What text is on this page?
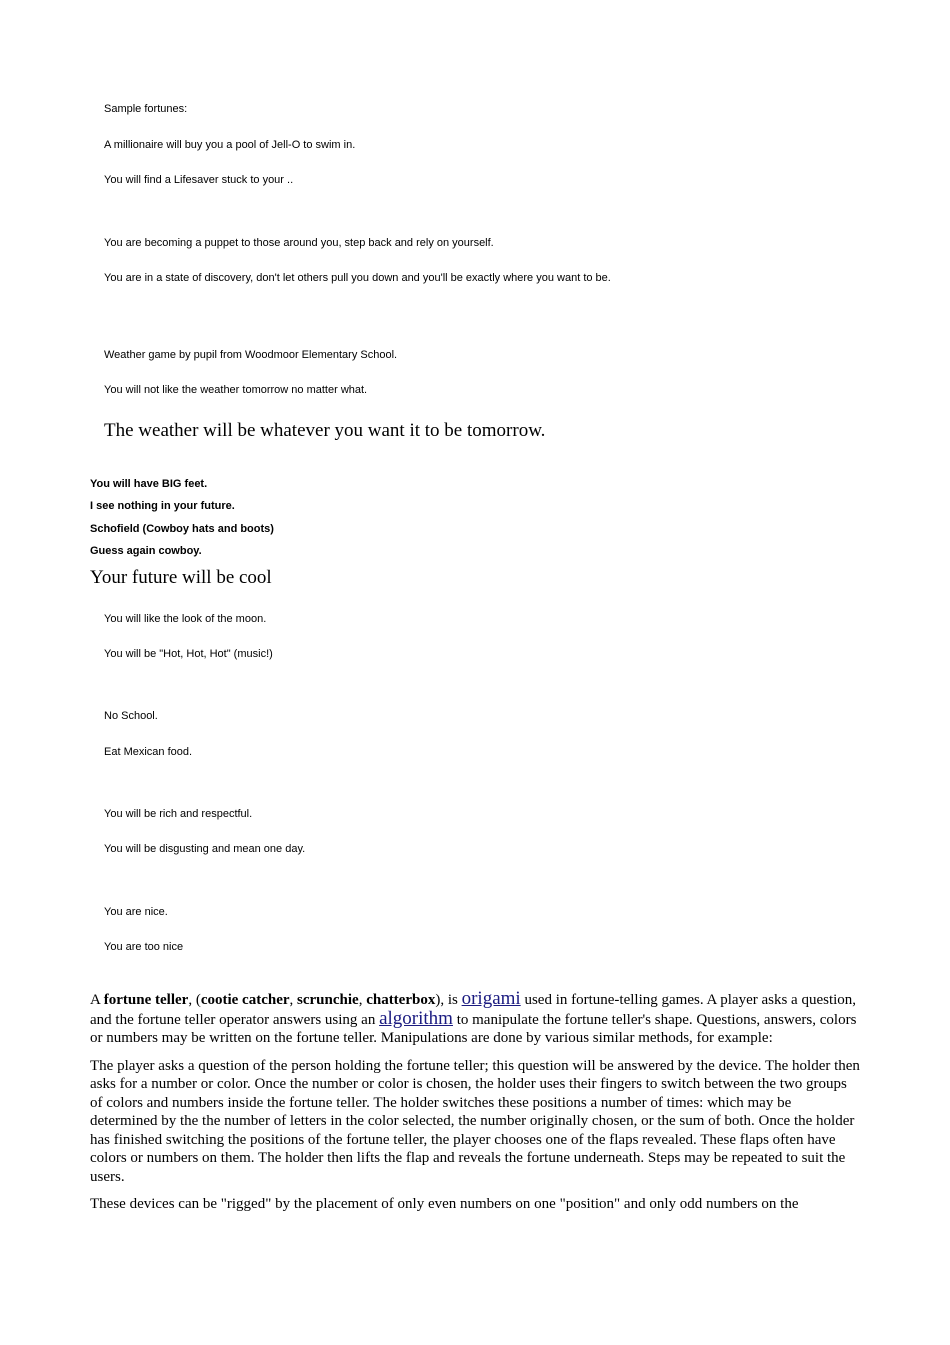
Sample fortunes:
A millionaire will buy you a pool of Jell-O to swim in.
You will find a Lifesaver stuck to your ..
You are becoming a puppet to those around you, step back and rely on yourself.
You are in a state of discovery, don't let others pull you down and you'll be exactly where you want to be.
Weather game by pupil from Woodmoor Elementary School.
You will not like the weather tomorrow no matter what.
The weather will be whatever you want it to be tomorrow.
You will have BIG feet.
I see nothing in your future.
Schofield (Cowboy hats and boots)
Guess again cowboy.
Your future will be cool
You will like the look of the moon.
You will be "Hot, Hot, Hot" (music!)
No School.
Eat Mexican food.
You will be rich and respectful.
You will be disgusting and mean one day.
You are nice.
You are too nice

A fortune teller, (cootie catcher, scrunchie, chatterbox), is origami used in fortune-telling games. A player asks a question, and the fortune teller operator answers using an algorithm to manipulate the fortune teller's shape. Questions, answers, colors or numbers may be written on the fortune teller. Manipulations are done by various similar methods, for example:

The player asks a question of the person holding the fortune teller; this question will be answered by the device. The holder then asks for a number or color. Once the number or color is chosen, the holder uses their fingers to switch between the two groups of colors and numbers inside the fortune teller. The holder switches these positions a number of times: which may be determined by the the number of letters in the color selected, the number originally chosen, or the sum of both. Once the holder has finished switching the positions of the fortune teller, the player chooses one of the flaps revealed. These flaps often have colors or numbers on them. The holder then lifts the flap and reveals the fortune underneath. Steps may be repeated to suit the users.

These devices can be "rigged" by the placement of only even numbers on one "position" and only odd numbers on the
